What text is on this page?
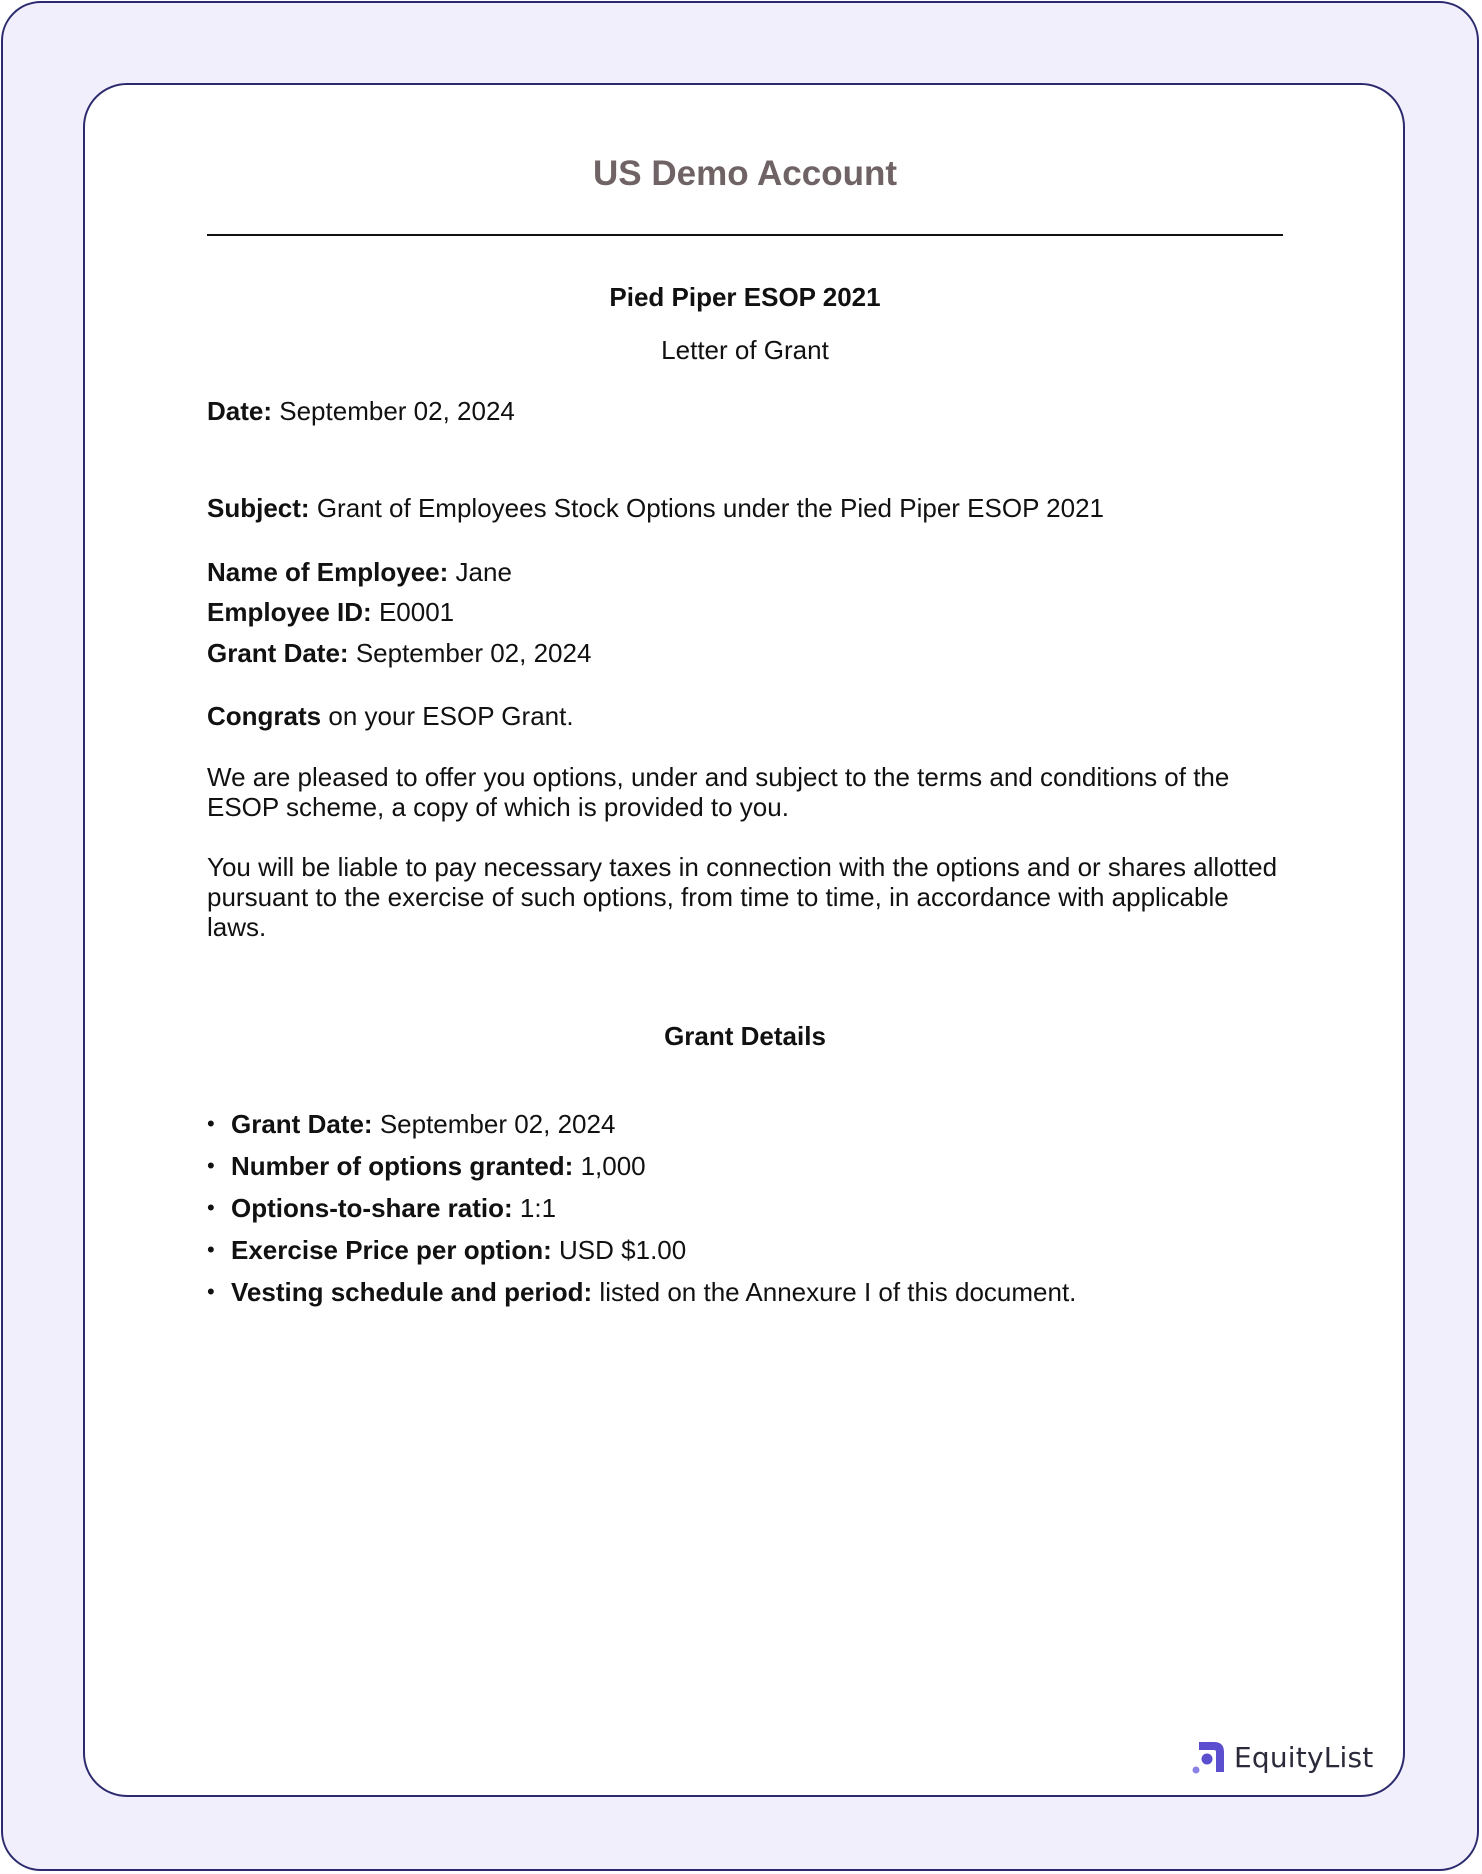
US Demo Account
Pied Piper ESOP 2021
Letter of Grant
Date: September 02, 2024
Subject: Grant of Employees Stock Options under the Pied Piper ESOP 2021
Name of Employee: Jane
Employee ID: E0001
Grant Date: September 02, 2024
Congrats on your ESOP Grant.
We are pleased to offer you options, under and subject to the terms and conditions of the ESOP scheme, a copy of which is provided to you.
You will be liable to pay necessary taxes in connection with the options and or shares allotted pursuant to the exercise of such options, from time to time, in accordance with applicable laws.
Grant Details
• Grant Date: September 02, 2024
• Number of options granted: 1,000
• Options-to-share ratio: 1:1
• Exercise Price per option: USD $1.00
• Vesting schedule and period: listed on the Annexure I of this document.
EquityList
